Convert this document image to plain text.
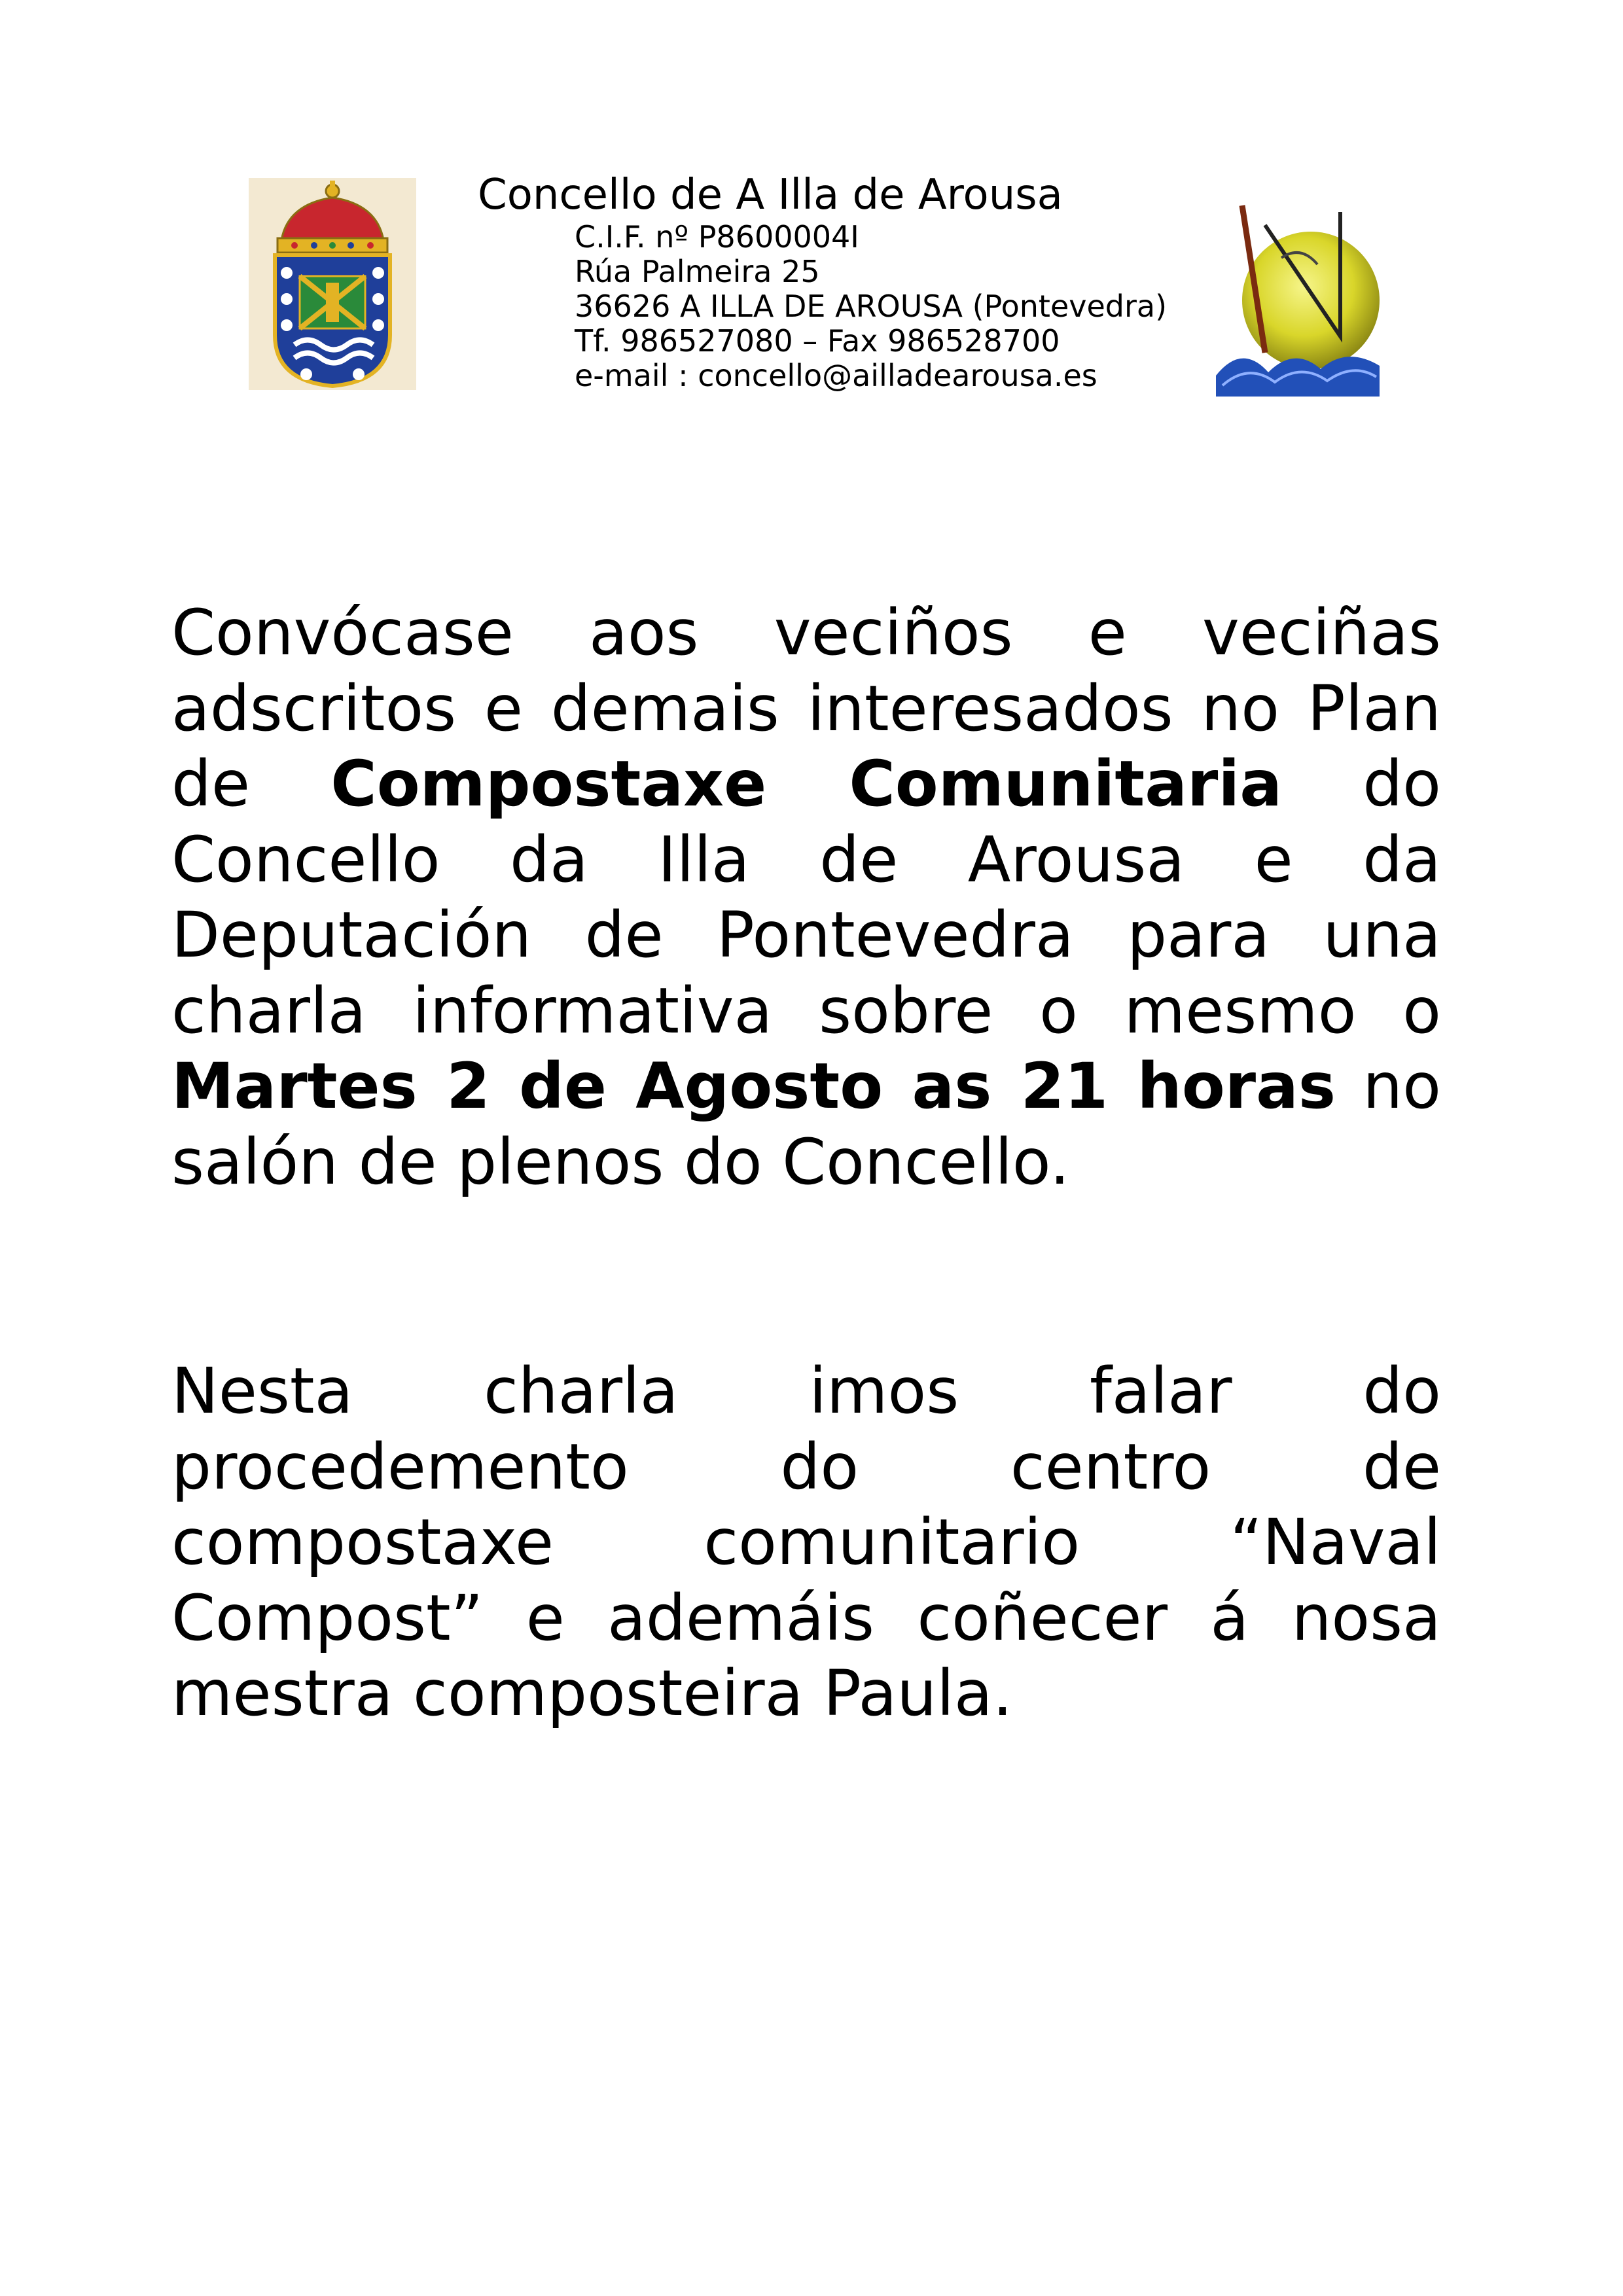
Concello de A Illa de Arousa
C.I.F. nº P8600004I
Rúa Palmeira 25
36626 A ILLA DE AROUSA (Pontevedra)
Tf. 986527080 – Fax 986528700
e-mail : concello@ailladearousa.es
Convócase aos veciños e veciñas adscritos e demais interesados no Plan de Compostaxe Comunitaria do Concello da Illa de Arousa e da Deputación de Pontevedra para una charla informativa sobre o mesmo o Martes 2 de Agosto as 21 horas no salón de plenos do Concello.
Nesta charla imos falar do procedemento do centro de compostaxe comunitario “Naval Compost” e ademáis coñecer á nosa mestra composteira Paula.
